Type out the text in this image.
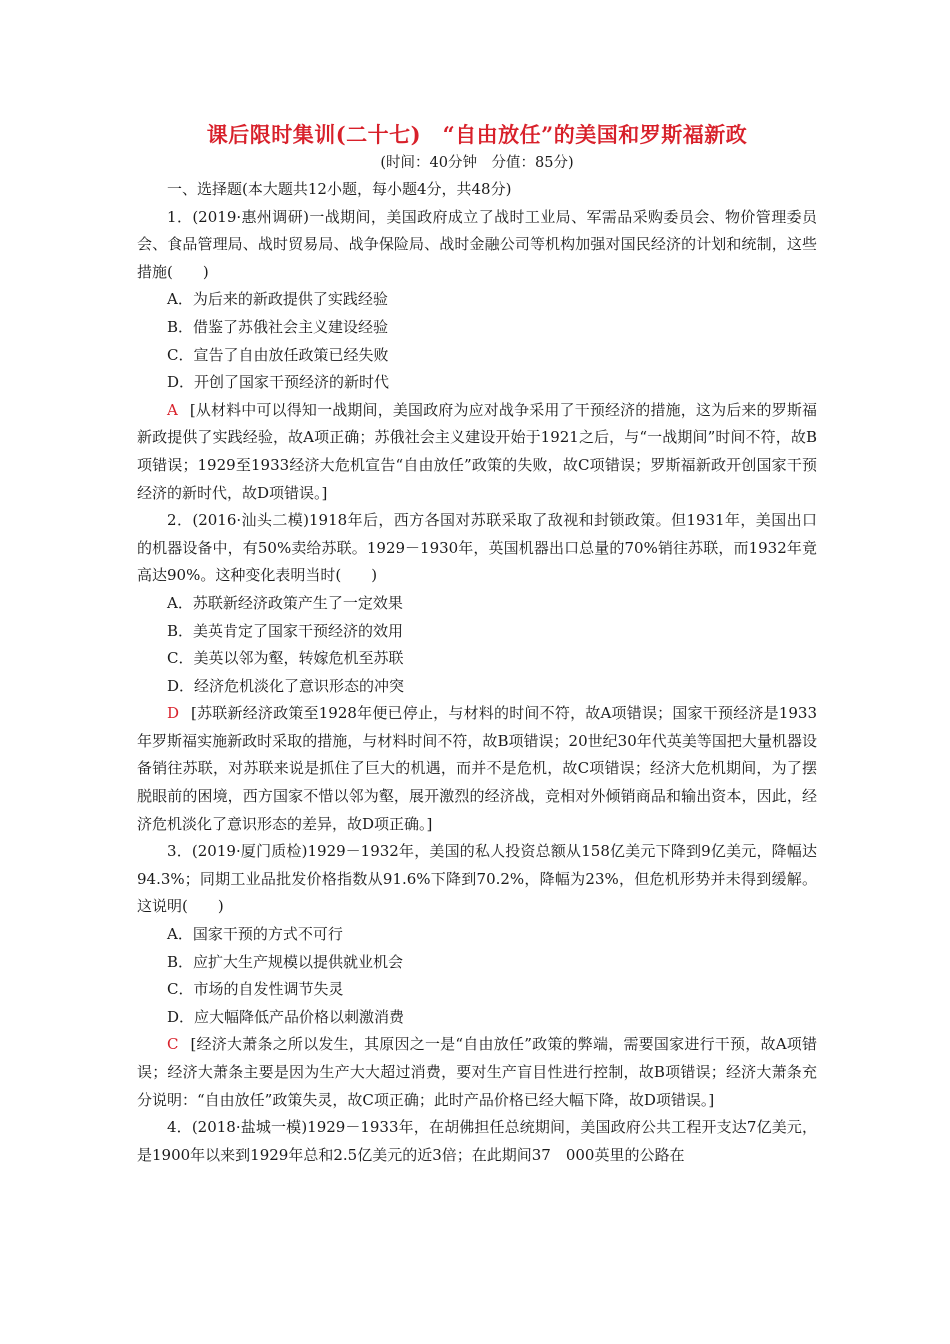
课后限时集训(二十七)　“自由放任”的美国和罗斯福新政
(时间：40分钟　分值：85分)
一、选择题(本大题共12小题，每小题4分，共48分)
1．(2019·惠州调研)一战期间，美国政府成立了战时工业局、军需品采购委员会、物价管理委员会、食品管理局、战时贸易局、战争保险局、战时金融公司等机构加强对国民经济的计划和统制，这些措施(　　)
A．为后来的新政提供了实践经验
B．借鉴了苏俄社会主义建设经验
C．宣告了自由放任政策已经失败
D．开创了国家干预经济的新时代
A [从材料中可以得知一战期间，美国政府为应对战争采用了干预经济的措施，这为后来的罗斯福新政提供了实践经验，故A项正确；苏俄社会主义建设开始于1921之后，与“一战期间”时间不符，故B项错误；1929至1933经济大危机宣告“自由放任”政策的失败，故C项错误；罗斯福新政开创国家干预经济的新时代，故D项错误。]
2．(2016·汕头二模)1918年后，西方各国对苏联采取了敌视和封锁政策。但1931年，美国出口的机器设备中，有50%卖给苏联。1929－1930年，英国机器出口总量的70%销往苏联，而1932年竟高达90%。这种变化表明当时(　　)
A．苏联新经济政策产生了一定效果
B．美英肯定了国家干预经济的效用
C．美英以邻为壑，转嫁危机至苏联
D．经济危机淡化了意识形态的冲突
D [苏联新经济政策至1928年便已停止，与材料的时间不符，故A项错误；国家干预经济是1933年罗斯福实施新政时采取的措施，与材料时间不符，故B项错误；20世纪30年代英美等国把大量机器设备销往苏联，对苏联来说是抓住了巨大的机遇，而并不是危机，故C项错误；经济大危机期间，为了摆脱眼前的困境，西方国家不惜以邻为壑，展开激烈的经济战，竞相对外倾销商品和输出资本，因此，经济危机淡化了意识形态的差异，故D项正确。]
3．(2019·厦门质检)1929－1932年，美国的私人投资总额从158亿美元下降到9亿美元，降幅达94.3%；同期工业品批发价格指数从91.6%下降到70.2%，降幅为23%，但危机形势并未得到缓解。这说明(　　)
A．国家干预的方式不可行
B．应扩大生产规模以提供就业机会
C．市场的自发性调节失灵
D．应大幅降低产品价格以刺激消费
C [经济大萧条之所以发生，其原因之一是“自由放任”政策的弊端，需要国家进行干预，故A项错误；经济大萧条主要是因为生产大大超过消费，要对生产盲目性进行控制，故B项错误；经济大萧条充分说明：“自由放任”政策失灵，故C项正确；此时产品价格已经大幅下降，故D项错误。]
4．(2018·盐城一模)1929－1933年，在胡佛担任总统期间，美国政府公共工程开支达7亿美元，是1900年以来到1929年总和2.5亿美元的近3倍；在此期间37　000英里的公路在
